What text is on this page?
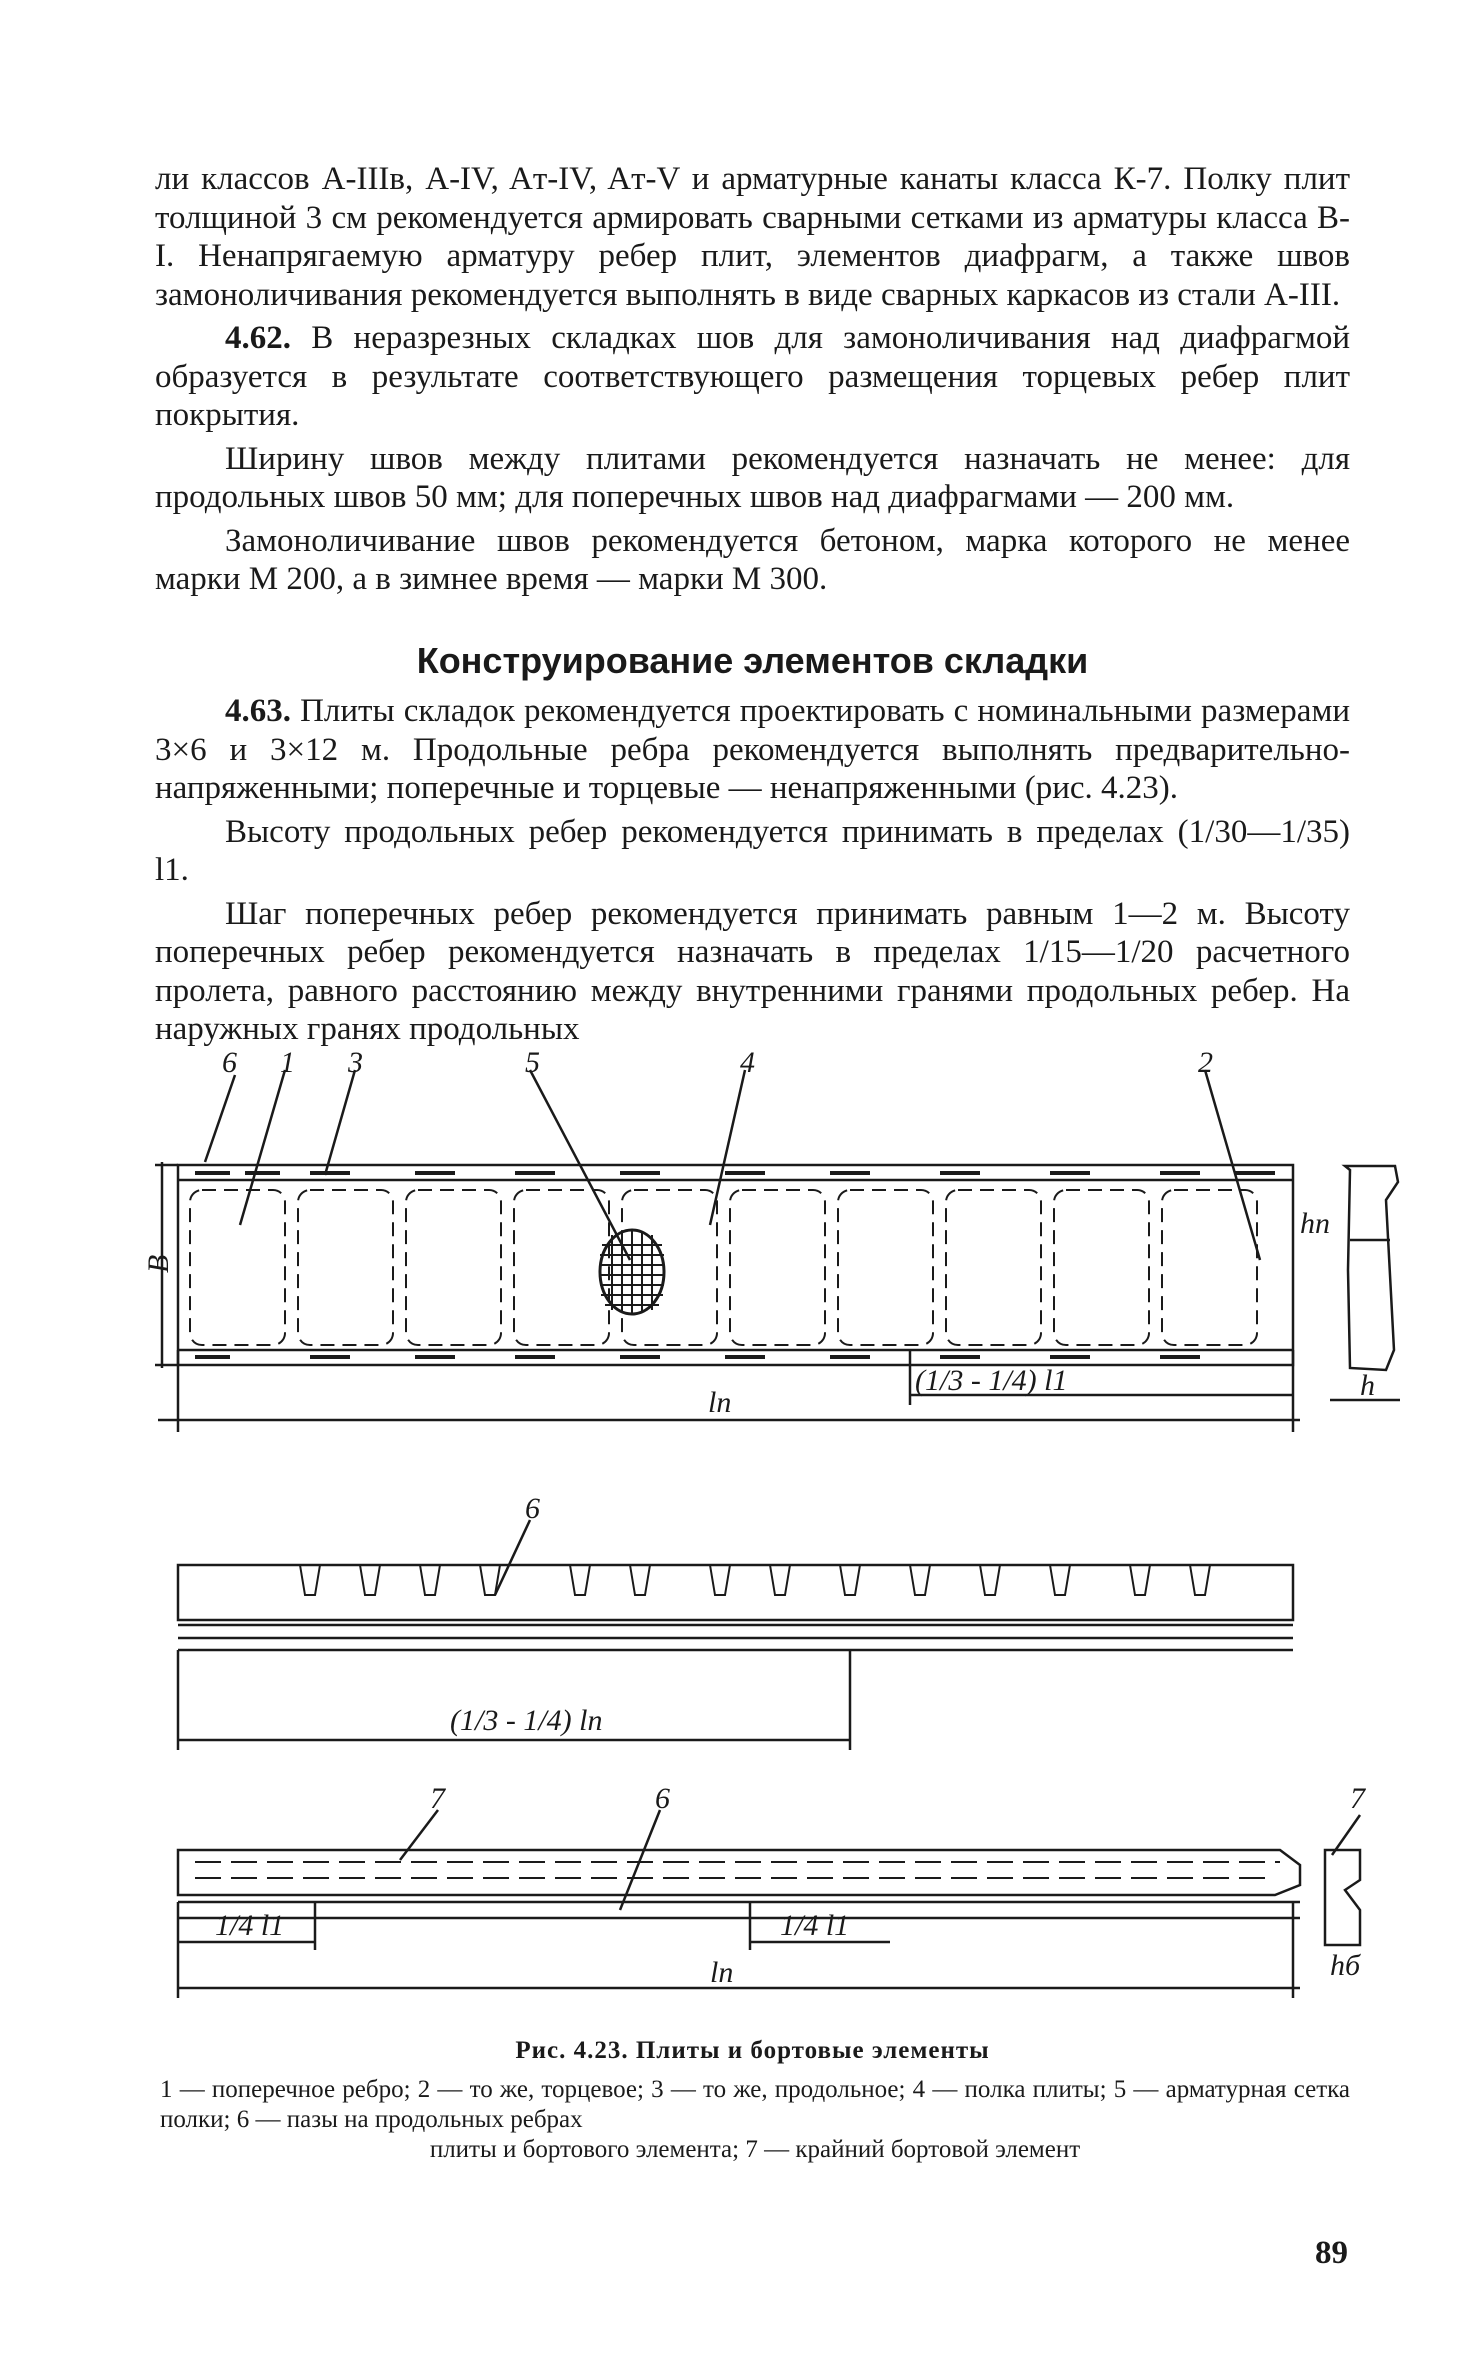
ли классов A-IIIв, A-IV, Aт-IV, Aт-V и арматурные канаты класса К-7. Полку плит толщиной 3 см рекомендуется армировать сварными сетками из арматуры класса B-I. Ненапрягаемую арматуру ребер плит, элементов диафрагм, а также швов замоноличивания рекомендуется выполнять в виде сварных каркасов из стали A-III.

4.62. В неразрезных складках шов для замоноличивания над диафрагмой образуется в результате соответствующего размещения торцевых ребер плит покрытия.

Ширину швов между плитами рекомендуется назначать не менее: для продольных швов 50 мм; для поперечных швов над диафрагмами — 200 мм.

Замоноличивание швов рекомендуется бетоном, марка которого не менее марки M 200, а в зимнее время — марки M 300.

Конструирование элементов складки

4.63. Плиты складок рекомендуется проектировать с номинальными размерами 3×6 и 3×12 м. Продольные ребра рекомендуется выполнять предварительно-напряженными; поперечные и торцевые — ненапряженными (рис. 4.23).

Высоту продольных ребер рекомендуется принимать в пределах (1/30—1/35) l1.

Шаг поперечных ребер рекомендуется принимать равным 1—2 м. Высоту поперечных ребер рекомендуется назначать в пределах 1/15—1/20 расчетного пролета, равного расстоянию между внутренними гранями продольных ребер. На наружных гранях продольных

6 1 3	5	4	2
B
lп
(1/3 - 1/4) l1
hп
h
6
(1/3 - 1/4) lп
7	6	7
1/4 l1	1/4 l1
lп	hб
Рис. 4.23. Плиты и бортовые элементы
1 — поперечное ребро; 2 — то же, торцевое; 3 — то же, продольное; 4 — полка плиты; 5 — арматурная сетка полки; 6 — пазы на продольных ребрах
плиты и бортового элемента; 7 — крайний бортовой элемент
89
